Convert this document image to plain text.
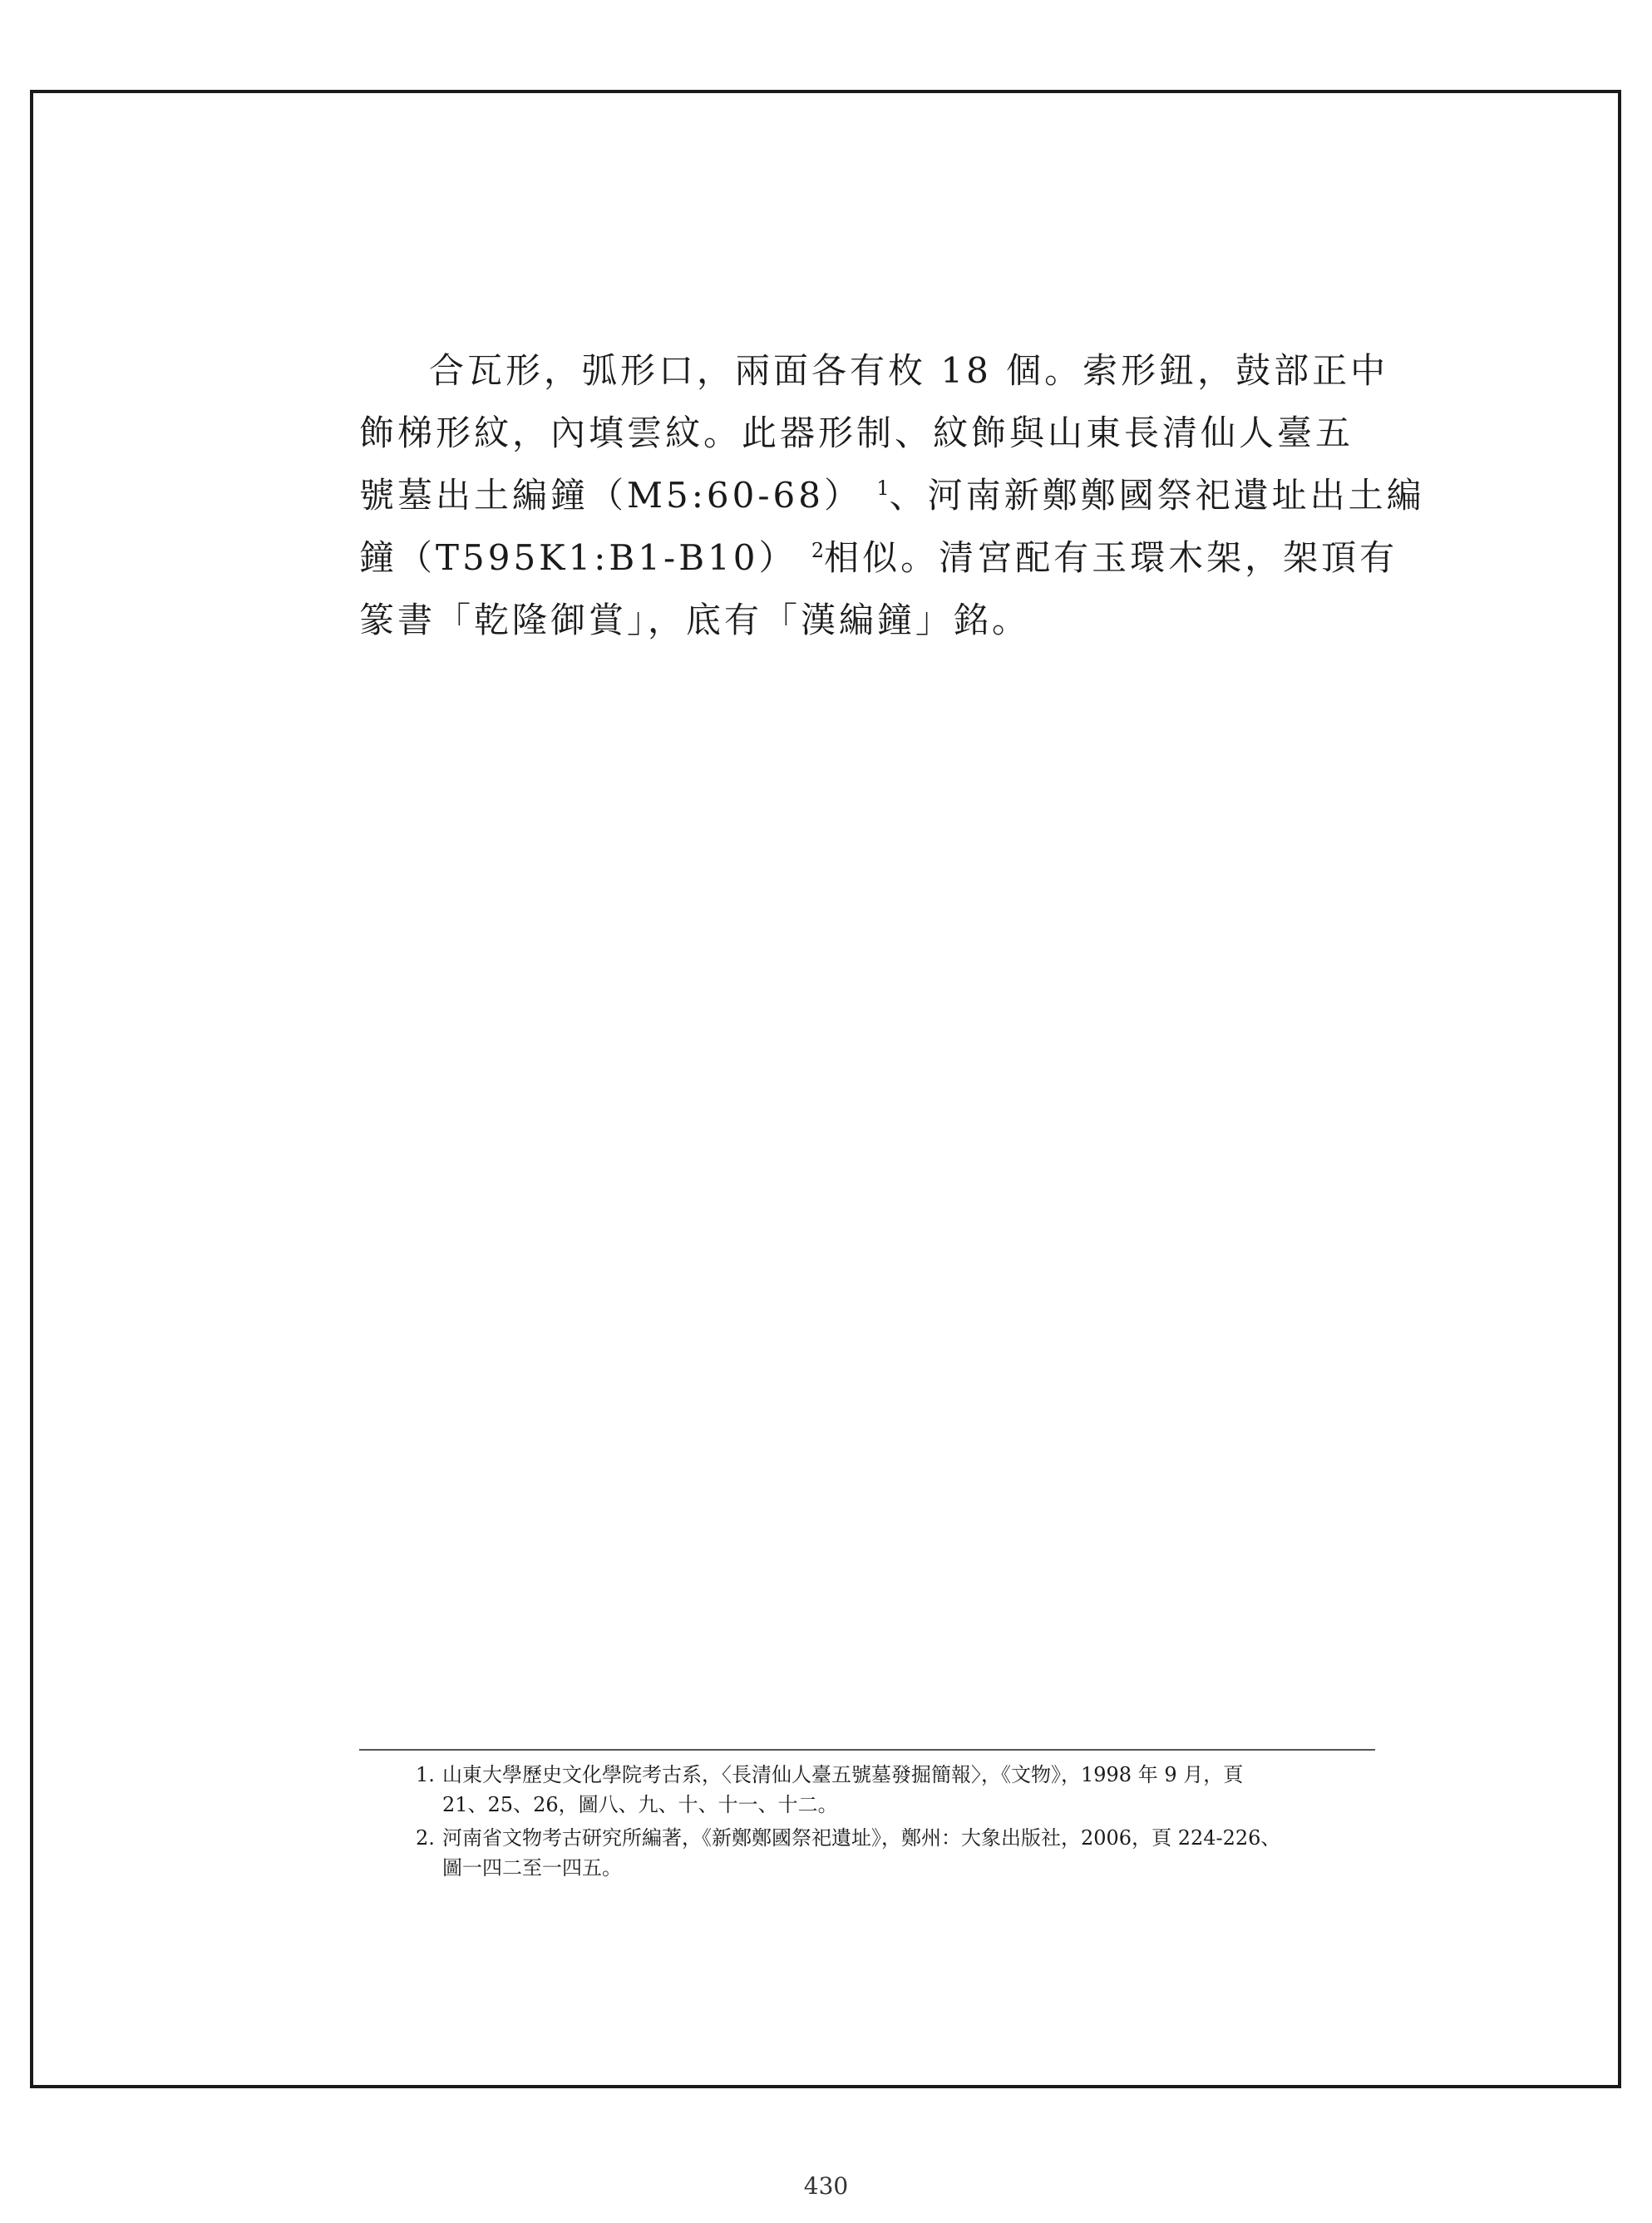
合瓦形，弧形口，兩面各有枚 18 個。索形鈕，鼓部正中
飾梯形紋，內填雲紋。此器形制、紋飾與山東長清仙人臺五
號墓出土編鐘（M5:60-68） $^1$、河南新鄭鄭國祭祀遺址出土編
鐘（T595K1:B1-B10） $^2$相似。清宮配有玉環木架，架頂有
篆書「乾隆御賞」，底有「漢編鐘」銘。
1. 山東大學歷史文化學院考古系，〈長清仙人臺五號墓發掘簡報〉，《文物》，1998 年 9 月，頁
21、25、26，圖八、九、十、十一、十二。
2. 河南省文物考古研究所編著，《新鄭鄭國祭祀遺址》，鄭州：大象出版社，2006，頁 224-226、
圖一四二至一四五。
430
